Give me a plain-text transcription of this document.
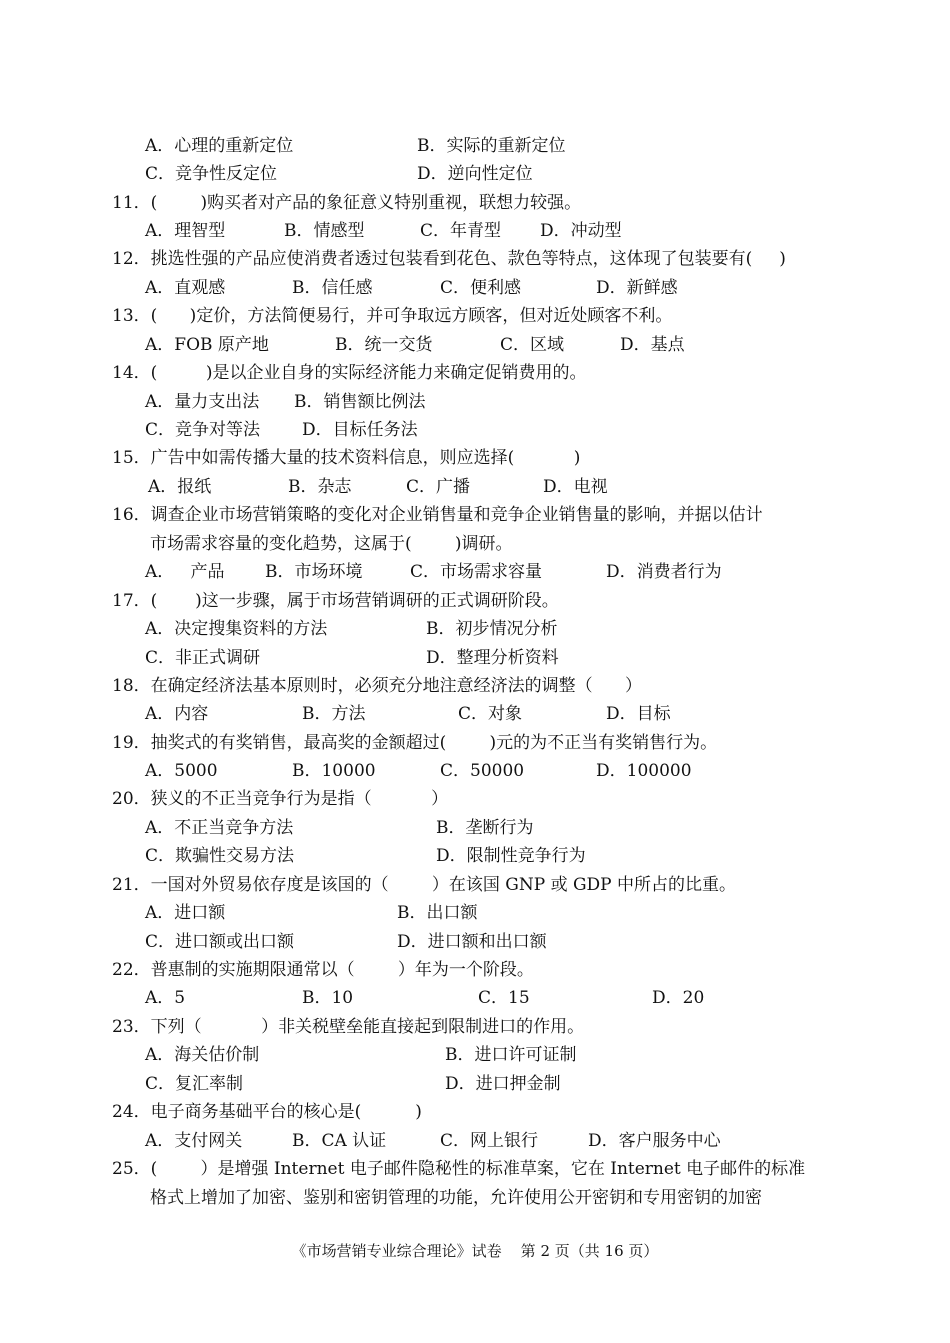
A．心理的重新定位	B．实际的重新定位
C．竞争性反定位	D．逆向性定位
11．(        )购买者对产品的象征意义特别重视，联想力较强。
A．理智型	B．情感型	C．年青型 D．冲动型
12．挑选性强的产品应使消费者透过包装看到花色、款色等特点，这体现了包装要有(     )
A．直观感	B．信任感	C．便利感	D．新鲜感
13．(      )定价，方法简便易行，并可争取远方顾客，但对近处顾客不利。
A．FOB 原产地	B．统一交货	C．区域	D．基点
14．(         )是以企业自身的实际经济能力来确定促销费用的。
A．量力支出法 B．销售额比例法
C．竞争对等法 D．目标任务法
15．广告中如需传播大量的技术资料信息，则应选择(           )
A．报纸	B．杂志	C．广播	D．电视
16．调查企业市场营销策略的变化对企业销售量和竞争企业销售量的影响，并据以估计
市场需求容量的变化趋势，这属于(        )调研。
A．   产品 B．市场环境	C．市场需求容量	D．消费者行为
17．(       )这一步骤，属于市场营销调研的正式调研阶段。
A．决定搜集资料的方法	B．初步情况分析
C．非正式调研	D．整理分析资料
18．在确定经济法基本原则时，必须充分地注意经济法的调整（      ）
A．内容	B．方法	C．对象	D．目标
19．抽奖式的有奖销售，最高奖的金额超过(        )元的为不正当有奖销售行为。
A．5000	B．10000	C．50000	D．100000
20．狭义的不正当竞争行为是指（           ）
A．不正当竞争方法	B．垄断行为
C．欺骗性交易方法	D．限制性竞争行为
21．一国对外贸易依存度是该国的（        ）在该国 GNP 或 GDP 中所占的比重。
A．进口额	B．出口额
C．进口额或出口额	D．进口额和出口额
22．普惠制的实施期限通常以（        ）年为一个阶段。
A．5	B．10	C．15	D．20
23．下列（           ）非关税壁垒能直接起到限制进口的作用。
A．海关估价制	B．进口许可证制
C．复汇率制	D．进口押金制
24．电子商务基础平台的核心是(          )
A．支付网关	B．CA 认证	C．网上银行	D．客户服务中心
25．(        ）是增强 Internet 电子邮件隐秘性的标准草案，它在 Internet 电子邮件的标准
格式上增加了加密、鉴别和密钥管理的功能，允许使用公开密钥和专用密钥的加密
《市场营销专业综合理论》试卷    第 2 页（共 16 页）
